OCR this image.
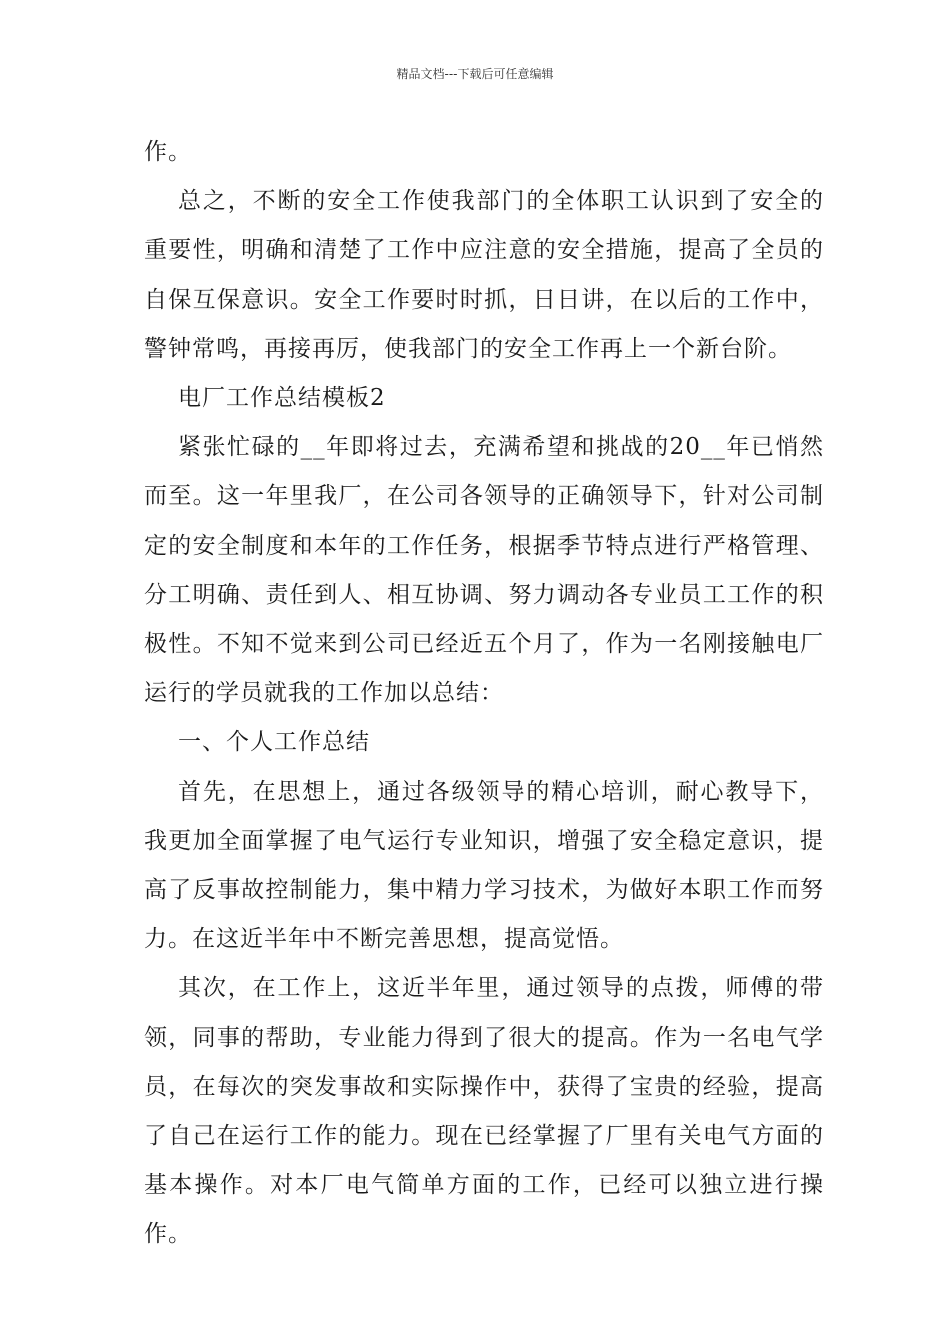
精品文档---下载后可任意编辑

作。

总之，不断的安全工作使我部门的全体职工认识到了安全的重要性，明确和清楚了工作中应注意的安全措施，提高了全员的自保互保意识。安全工作要时时抓，日日讲，在以后的工作中，警钟常鸣，再接再厉，使我部门的安全工作再上一个新台阶。

电厂工作总结模板2

紧张忙碌的__年即将过去，充满希望和挑战的20__年已悄然而至。这一年里我厂，在公司各领导的正确领导下，针对公司制定的安全制度和本年的工作任务，根据季节特点进行严格管理、分工明确、责任到人、相互协调、努力调动各专业员工工作的积极性。不知不觉来到公司已经近五个月了，作为一名刚接触电厂运行的学员就我的工作加以总结：

一、个人工作总结

首先，在思想上，通过各级领导的精心培训，耐心教导下，我更加全面掌握了电气运行专业知识，增强了安全稳定意识，提高了反事故控制能力，集中精力学习技术，为做好本职工作而努力。在这近半年中不断完善思想，提高觉悟。

其次，在工作上，这近半年里，通过领导的点拨，师傅的带领，同事的帮助，专业能力得到了很大的提高。作为一名电气学员，在每次的突发事故和实际操作中，获得了宝贵的经验，提高了自己在运行工作的能力。现在已经掌握了厂里有关电气方面的基本操作。对本厂电气简单方面的工作，已经可以独立进行操作。
